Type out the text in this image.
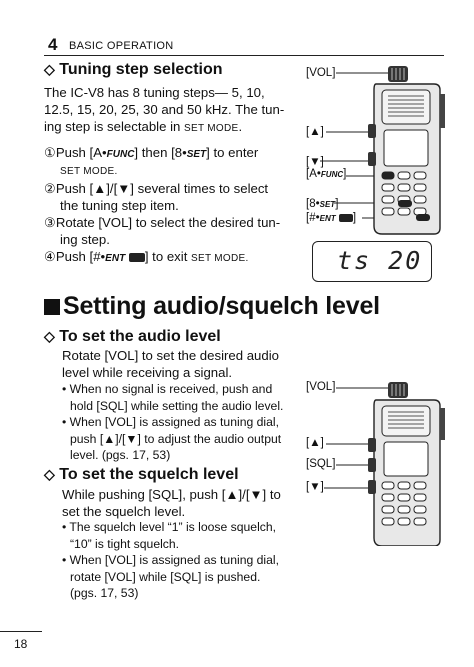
4 BASIC OPERATION
◇ Tuning step selection
The IC-V8 has 8 tuning steps— 5, 10,
12.5, 15, 20, 25, 30 and 50 kHz. The tun-
ing step is selectable in SET MODE.
①Push [A•FUNC] then [8•SET] to enter
SET MODE.
②Push [▲]/[▼] several times to select
the tuning step item.
③Rotate [VOL] to select the desired tun-
ing step.
④Push [#•ENT ] to exit SET MODE.
[VOL]
[▲]
[▼]
[A•FUNC]
[8•SET]
[#•ENT ]
ts 20
Setting audio/squelch level
◇ To set the audio level
Rotate [VOL] to set the desired audio
level while receiving a signal.
• When no signal is received, push and
hold [SQL] while setting the audio level.
• When [VOL] is assigned as tuning dial,
push [▲]/[▼] to adjust the audio output
level. (pgs. 17, 53)
◇ To set the squelch level
While pushing [SQL], push [▲]/[▼] to
set the squelch level.
• The squelch level “1” is loose squelch,
“10” is tight squelch.
• When [VOL] is assigned as tuning dial,
rotate [VOL] while [SQL] is pushed.
(pgs. 17, 53)
[VOL]
[▲]
[SQL]
[▼]
18
